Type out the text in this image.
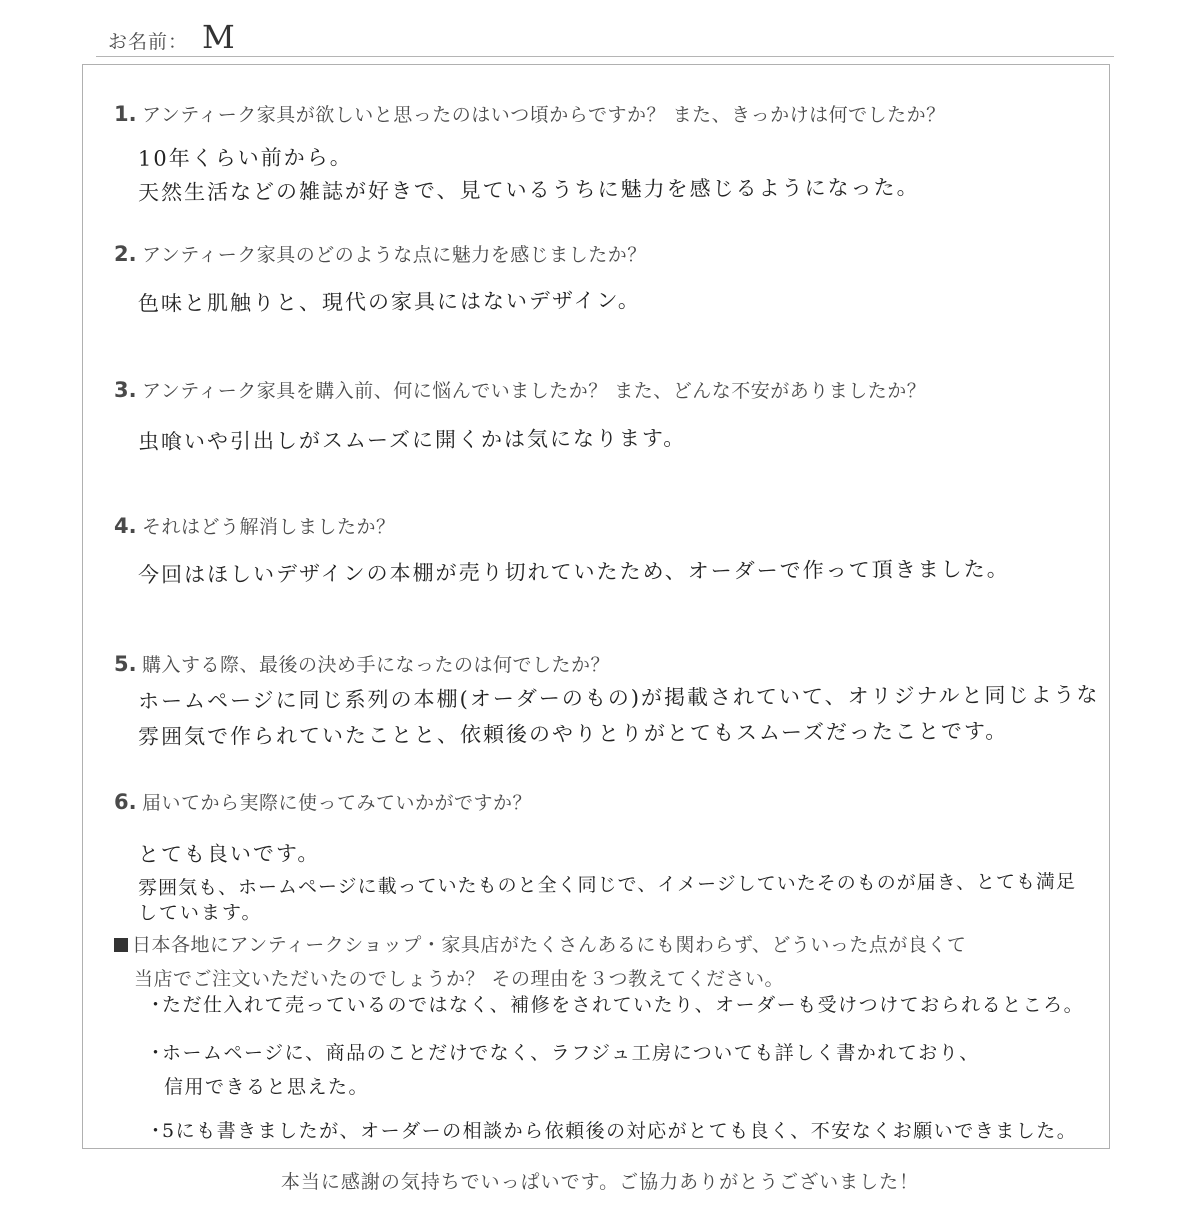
お名前： M
1. アンティーク家具が欲しいと思ったのはいつ頃からですか？ また、きっかけは何でしたか？
10年くらい前から。
天然生活などの雑誌が好きで、見ているうちに魅力を感じるようになった。
2. アンティーク家具のどのような点に魅力を感じましたか？
色味と肌触りと、現代の家具にはないデザイン。
3. アンティーク家具を購入前、何に悩んでいましたか？ また、どんな不安がありましたか？
虫喰いや引出しがスムーズに開くかは気になります。
4. それはどう解消しましたか？
今回はほしいデザインの本棚が売り切れていたため、オーダーで作って頂きました。
5. 購入する際、最後の決め手になったのは何でしたか？
ホームページに同じ系列の本棚(オーダーのもの)が掲載されていて、オリジナルと同じような
雰囲気で作られていたことと、依頼後のやりとりがとてもスムーズだったことです。
6. 届いてから実際に使ってみていかがですか？
とても良いです。
雰囲気も、ホームページに載っていたものと全く同じで、イメージしていたそのものが届き、とても満足
しています。
日本各地にアンティークショップ・家具店がたくさんあるにも関わらず、どういった点が良くて
当店でご注文いただいたのでしょうか？ その理由を３つ教えてください。
・ただ仕入れて売っているのではなく、補修をされていたり、オーダーも受けつけておられるところ。
・ホームページに、商品のことだけでなく、ラフジュ工房についても詳しく書かれており、
信用できると思えた。
・5にも書きましたが、オーダーの相談から依頼後の対応がとても良く、不安なくお願いできました。
本当に感謝の気持ちでいっぱいです。ご協力ありがとうございました！
